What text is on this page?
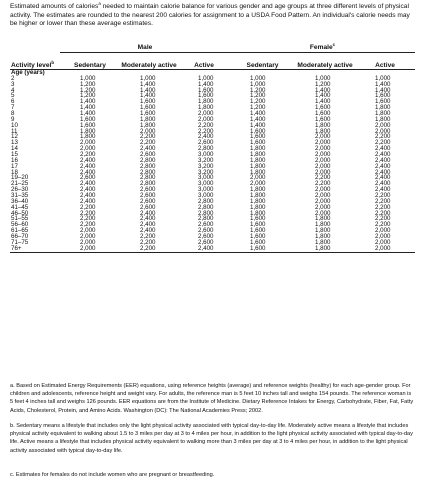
Estimated amounts of calories$^a$ needed to maintain calorie balance for various gender and age groups at three different levels of physical activity. The estimates are rounded to the nearest 200 calories for assignment to a USDA Food Pattern. An individual's calorie needs may be higher or lower than these average estimates.

	Male			Female$^c$
Activity level$^b$	Sedentary	Moderately active	Active	Sedentary	Moderately active	Active
Age (years)						
2	1,000	1,000	1,000	1,000	1,000	1,000
3	1,200	1,400	1,400	1,000	1,200	1,400
4	1,200	1,400	1,600	1,200	1,400	1,400
5	1,200	1,400	1,600	1,200	1,400	1,600
6	1,400	1,600	1,800	1,200	1,400	1,600
7	1,400	1,600	1,800	1,200	1,600	1,800
8	1,400	1,600	2,000	1,400	1,600	1,800
9	1,600	1,800	2,000	1,400	1,600	1,800
10	1,600	1,800	2,200	1,400	1,800	2,000
11	1,800	2,000	2,200	1,600	1,800	2,000
12	1,800	2,200	2,400	1,600	2,000	2,200
13	2,000	2,200	2,600	1,600	2,000	2,200
14	2,000	2,400	2,800	1,800	2,000	2,400
15	2,200	2,600	3,000	1,800	2,000	2,400
16	2,400	2,800	3,200	1,800	2,000	2,400
17	2,400	2,800	3,200	1,800	2,000	2,400
18	2,400	2,800	3,200	1,800	2,000	2,400
19–20	2,600	2,800	3,000	2,000	2,200	2,400
21–25	2,400	2,800	3,000	2,000	2,200	2,400
26–30	2,400	2,600	3,000	1,800	2,000	2,400
31–35	2,400	2,600	3,000	1,800	2,000	2,200
36–40	2,400	2,600	2,800	1,800	2,000	2,200
41–45	2,200	2,600	2,800	1,800	2,000	2,200
46–50	2,200	2,400	2,800	1,800	2,000	2,200
51–55	2,200	2,400	2,800	1,600	1,800	2,200
56–60	2,200	2,400	2,600	1,600	1,800	2,200
61–65	2,000	2,400	2,600	1,600	1,800	2,000
66–70	2,000	2,200	2,600	1,600	1,800	2,000
71–75	2,000	2,200	2,600	1,600	1,800	2,000
76+	2,000	2,200	2,400	1,600	1,800	2,000

a. Based on Estimated Energy Requirements (EER) equations, using reference heights (average) and reference weights (healthy) for each age-gender group. For children and adolescents, reference height and weight vary. For adults, the reference man is 5 feet 10 inches tall and weighs 154 pounds. The reference woman is 5 feet 4 inches tall and weighs 126 pounds. EER equations are from the Institute of Medicine. Dietary Reference Intakes for Energy, Carbohydrate, Fiber, Fat, Fatty Acids, Cholesterol, Protein, and Amino Acids. Washington (DC): The National Academies Press; 2002.

b. Sedentary means a lifestyle that includes only the light physical activity associated with typical day-to-day life. Moderately active means a lifestyle that includes physical activity equivalent to walking about 1.5 to 3 miles per day at 3 to 4 miles per hour, in addition to the light physical activity associated with typical day-to-day life. Active means a lifestyle that includes physical activity equivalent to walking more than 3 miles per day at 3 to 4 miles per hour, in addition to the light physical activity associated with typical day-to-day life.

c. Estimates for females do not include women who are pregnant or breastfeeding.
